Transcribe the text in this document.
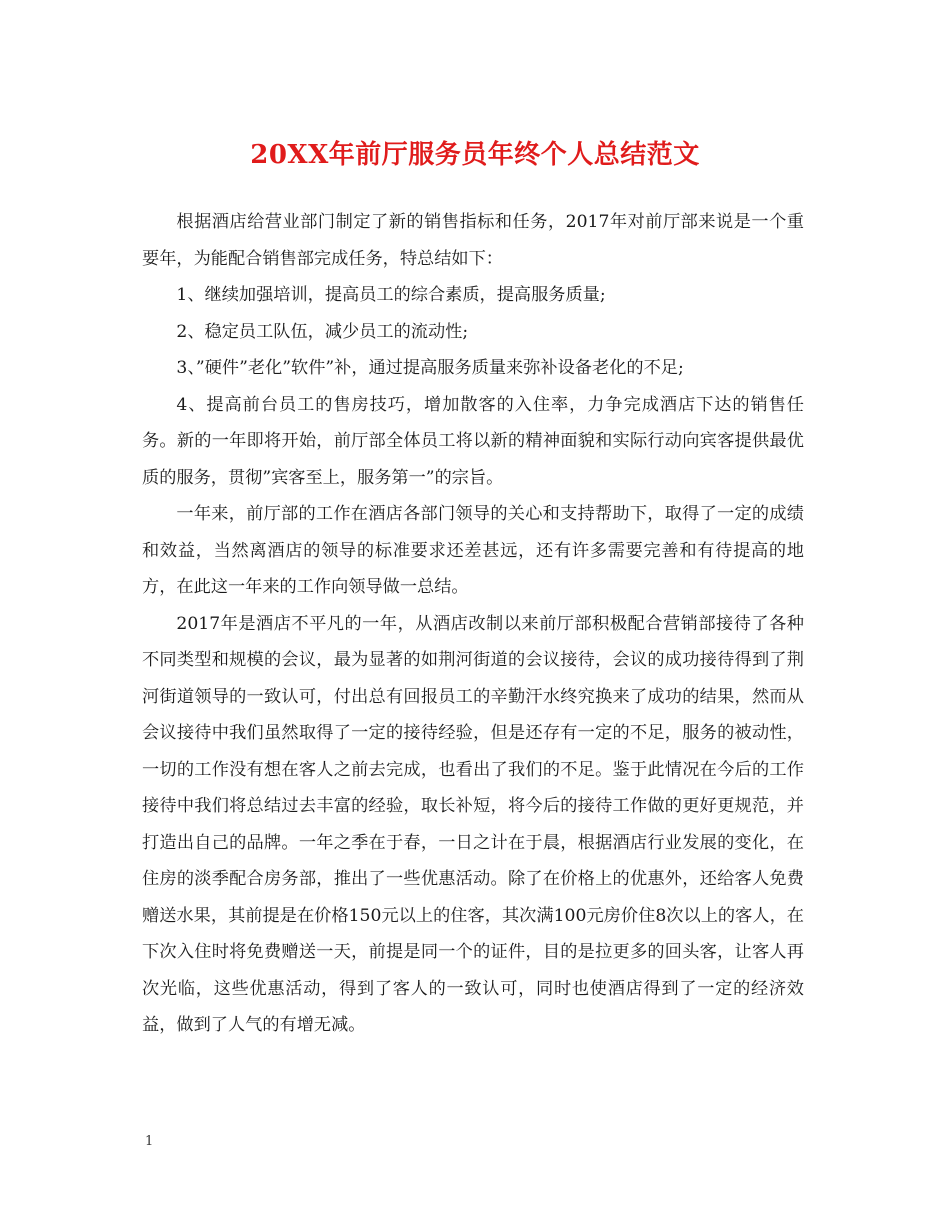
20XX年前厅服务员年终个人总结范文

根据酒店给营业部门制定了新的销售指标和任务，2017年对前厅部来说是一个重要年，为能配合销售部完成任务，特总结如下：

1、继续加强培训，提高员工的综合素质，提高服务质量;

2、稳定员工队伍，减少员工的流动性;

3、”硬件”老化”软件”补，通过提高服务质量来弥补设备老化的不足;

4、提高前台员工的售房技巧，增加散客的入住率，力争完成酒店下达的销售任务。新的一年即将开始，前厅部全体员工将以新的精神面貌和实际行动向宾客提供最优质的服务，贯彻”宾客至上，服务第一”的宗旨。

一年来，前厅部的工作在酒店各部门领导的关心和支持帮助下，取得了一定的成绩和效益，当然离酒店的领导的标准要求还差甚远，还有许多需要完善和有待提高的地方，在此这一年来的工作向领导做一总结。

2017年是酒店不平凡的一年，从酒店改制以来前厅部积极配合营销部接待了各种不同类型和规模的会议，最为显著的如荆河街道的会议接待，会议的成功接待得到了荆河街道领导的一致认可，付出总有回报员工的辛勤汗水终究换来了成功的结果，然而从会议接待中我们虽然取得了一定的接待经验，但是还存有一定的不足，服务的被动性，一切的工作没有想在客人之前去完成，也看出了我们的不足。鉴于此情况在今后的工作接待中我们将总结过去丰富的经验，取长补短，将今后的接待工作做的更好更规范，并打造出自己的品牌。一年之季在于春，一日之计在于晨，根据酒店行业发展的变化，在住房的淡季配合房务部，推出了一些优惠活动。除了在价格上的优惠外，还给客人免费赠送水果，其前提是在价格150元以上的住客，其次满100元房价住8次以上的客人，在下次入住时将免费赠送一天，前提是同一个的证件，目的是拉更多的回头客，让客人再次光临，这些优惠活动，得到了客人的一致认可，同时也使酒店得到了一定的经济效益，做到了人气的有增无减。

1
